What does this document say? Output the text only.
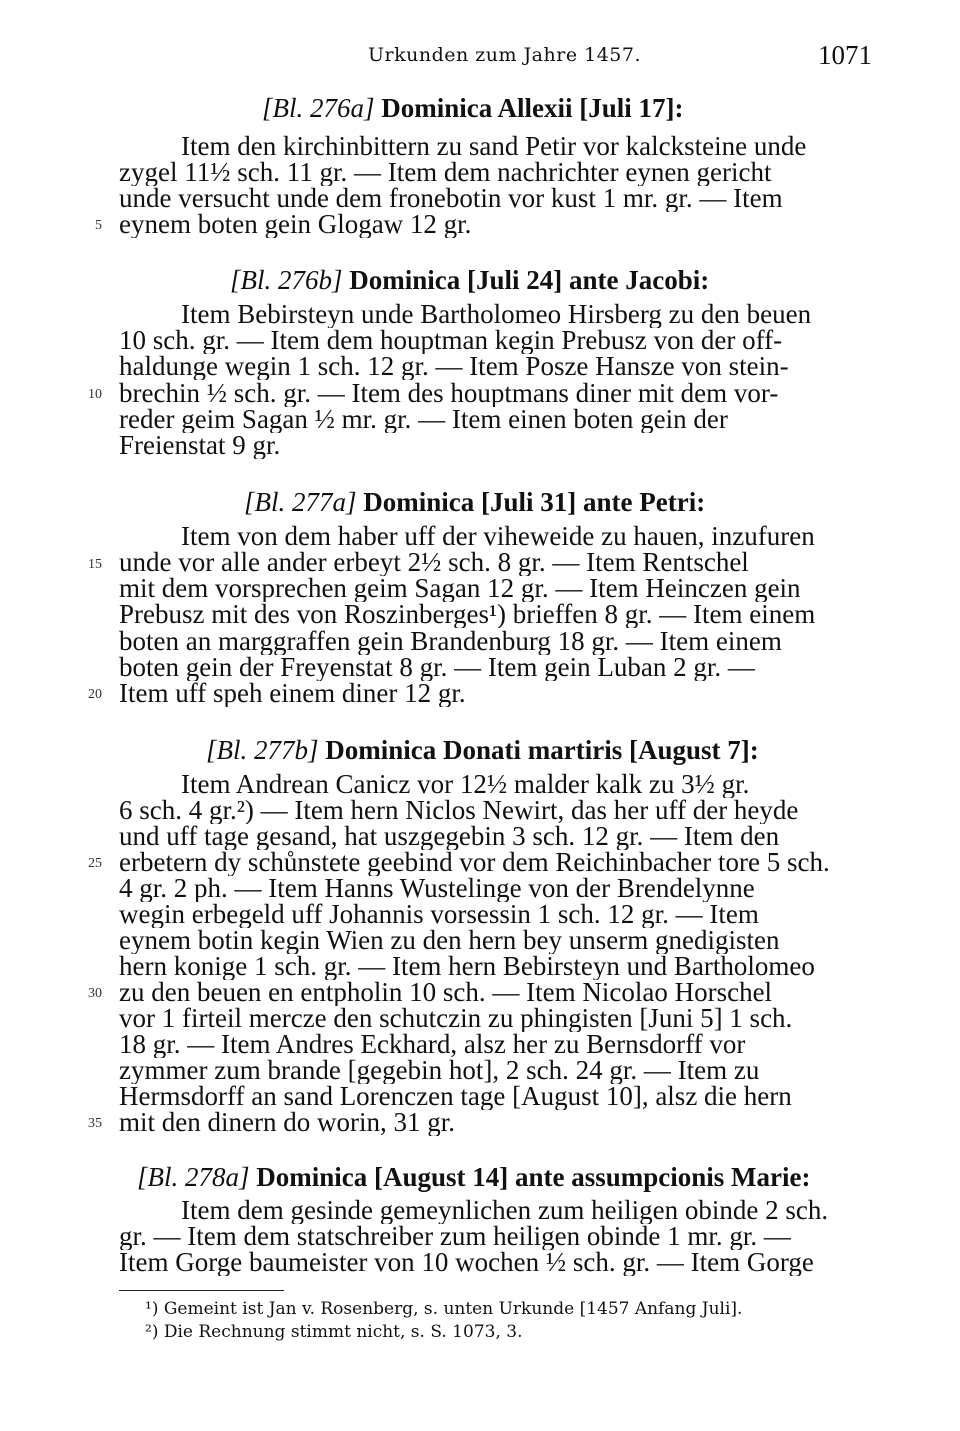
Urkunden zum Jahre 1457.	1071
[Bl. 276a] Dominica Allexii [Juli 17]:
Item den kirchinbittern zu sand Petir vor kalcksteine unde
zygel 11½ sch. 11 gr. — Item dem nachrichter eynen gericht
unde versucht unde dem fronebotin vor kust 1 mr. gr. — Item
eynem boten gein Glogaw 12 gr.
[Bl. 276b] Dominica [Juli 24] ante Jacobi:
Item Bebirsteyn unde Bartholomeo Hirsberg zu den beuen
10 sch. gr. — Item dem houptman kegin Prebusz von der off-
haldunge wegin 1 sch. 12 gr. — Item Posze Hansze von stein-
brechin ½ sch. gr. — Item des houptmans diner mit dem vor-
reder geim Sagan ½ mr. gr. — Item einen boten gein der
Freienstat 9 gr.
[Bl. 277a] Dominica [Juli 31] ante Petri:
Item von dem haber uff der viheweide zu hauen, inzufuren
unde vor alle ander erbeyt 2½ sch. 8 gr. — Item Rentschel
mit dem vorsprechen geim Sagan 12 gr. — Item Heinczen gein
Prebusz mit des von Roszinberges¹) brieffen 8 gr. — Item einem
boten an marggraffen gein Brandenburg 18 gr. — Item einem
boten gein der Freyenstat 8 gr. — Item gein Luban 2 gr. —
Item uff speh einem diner 12 gr.
[Bl. 277b] Dominica Donati martiris [August 7]:
Item Andrean Canicz vor 12½ malder kalk zu 3½ gr.
6 sch. 4 gr.²) — Item hern Niclos Newirt, das her uff der heyde
und uff tage gesand, hat uszgegebin 3 sch. 12 gr. — Item den
erbetern dy schůnstete geebind vor dem Reichinbacher tore 5 sch.
4 gr. 2 ph. — Item Hanns Wustelinge von der Brendelynne
wegin erbegeld uff Johannis vorsessin 1 sch. 12 gr. — Item
eynem botin kegin Wien zu den hern bey unserm gnedigisten
hern konige 1 sch. gr. — Item hern Bebirsteyn und Bartholomeo
zu den beuen en entpholin 10 sch. — Item Nicolao Horschel
vor 1 firteil mercze den schutczin zu phingisten [Juni 5] 1 sch.
18 gr. — Item Andres Eckhard, alsz her zu Bernsdorff vor
zymmer zum brande [gegebin hot], 2 sch. 24 gr. — Item zu
Hermsdorff an sand Lorenczen tage [August 10], alsz die hern
mit den dinern do worin, 31 gr.
[Bl. 278a] Dominica [August 14] ante assumpcionis Marie:
Item dem gesinde gemeynlichen zum heiligen obinde 2 sch.
gr. — Item dem statschreiber zum heiligen obinde 1 mr. gr. —
Item Gorge baumeister von 10 wochen ½ sch. gr. — Item Gorge
5
10
15
20
25
30
35
¹) Gemeint ist Jan v. Rosenberg, s. unten Urkunde [1457 Anfang Juli].
²) Die Rechnung stimmt nicht, s. S. 1073, 3.
